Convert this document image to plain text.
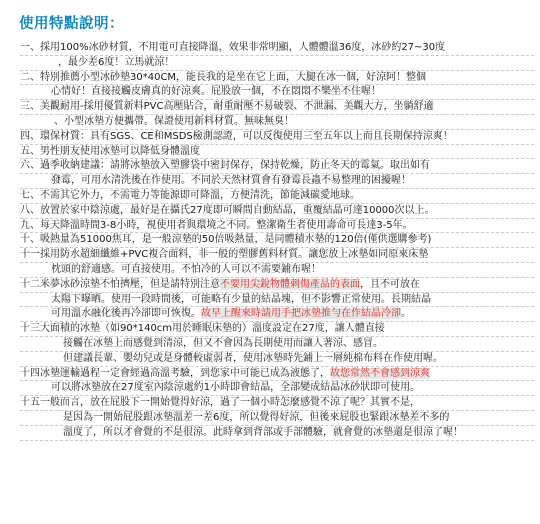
使用特點說明：
一、採用100%冰砂材質，不用電可直接降溫，效果非常明顯，人體體溫36度，冰砂約27~30度
，最少差6度！立馬就涼！
二、特別推薦小型冰砂墊30*40CM，能長我的是坐在它上面，大腿在冰一個，好涼阿！整個
心情好！直接接觸皮膚真的好涼爽。屁股放一個，不在悶悶不樂坐不住喔！
三、美觀耐用-採用優質新料PVC高壓貼合，耐重耐壓不易破裂、不泄漏、美觀大方，坐躺舒適
、小型冰墊方便攜帶。保證使用新料材質。無味無臭！
四、環保材質：具有SGS、CE和MSDS檢測認證，可以反復使用三至五年以上而且長期保持涼爽！
五、男性朋友使用冰墊可以降低身體溫度
六、過季收納建議：請將冰墊放入塑膠袋中密封保存，保持乾燥，防止冬天的霉氣。取出如有
發霉，可用水清洗後在作使用。不同於天然材質會有發霉長蟲不易整理的困擾喔！
七、不需其它外力，不需電力等能源即可降溫，方便清洗，節能減碳愛地球。
八、放置於家中陰涼處，最好是在攝氏27度即可瞬間自動結晶，重覆結晶可達10000次以上。
九、每天降溫時間3-8小時，視使用者與環境之不同。整潔衛生者使用壽命可長達3-5年。
十、吸熱量為51000焦耳，是一般涼墊的50倍吸熱量，是同體積水墊的120倍(僅供選購參考)
十一採用防水超細纖維+PVC複合面料，非一般的塑膠舊料材質。讓您放上冰墊如同原來床墊
枕頭的舒適感。可直接使用。不怕冷的人可以不需要鋪布喔！
十二米夢冰砂涼墊不怕擠壓，但是請特別注意不要用尖銳物體刺傷產品的表面，且不可放在
太陽下曝晒。使用一段時間後，可能略有少量的結晶塊，但不影響正常使用。長期結晶
可用溫水融化後再冷卻即可恢復。故早上醒來時請用手把冰墊推勻在作結晶冷卻。
十三大面積的冰墊（如90*140cm用於睡眠床墊的）溫度設定在27度，讓人體直接
接觸在冰墊上而感覺到清涼，但又不會因為長期使用而讓人著涼、感冒。
但建議長輩、嬰幼兒或是身體較虛弱者，使用冰墊時先鋪上一層純棉布料在作使用喔。
十四冰墊運輸過程一定會經過高溫考驗，到您家中可能已成為液態了，故您常然不會感到涼爽
可以將冰墊放在27度室內陰涼處約1小時即會結晶，全部變成結晶冰砂狀即可使用。
十五一般而言，放在屁股下一開始覺得好涼，過了一個小時怎麼感覺不涼了呢？其實不是，
是因為一開始屁股跟冰墊溫差一差6度，所以覺得好涼，但後來屁股也緊跟冰墊差不多的
溫度了，所以才會覺的不是很涼。此時拿到背部或手部體驗，就會覺的冰墊還是很涼了喔！
